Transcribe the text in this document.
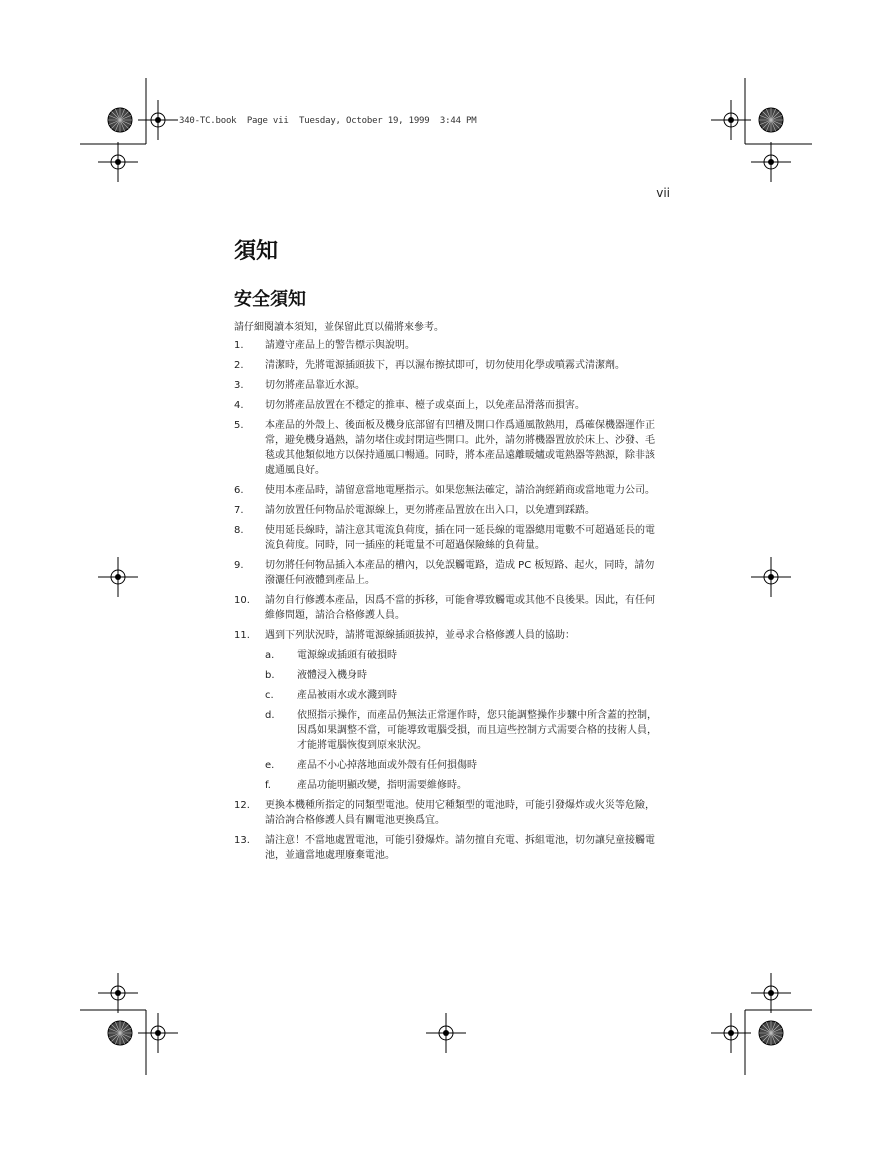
340-TC.book  Page vii  Tuesday, October 19, 1999  3:44 PM
vii
須知
安全須知
請仔細閱讀本須知，並保留此頁以備將來參考。
1.	請遵守產品上的警告標示與說明。
2.	清潔時，先將電源插頭拔下，再以濕布擦拭即可，切勿使用化學或噴霧式清潔劑。
3.	切勿將產品靠近水源。
4.	切勿將產品放置在不穩定的推車、檯子或桌面上，以免產品滑落而損害。
5.	本產品的外殼上、後面板及機身底部留有凹槽及開口作爲通風散熱用，爲確保機器運作正常，避免機身過熱，請勿堵住或封閉這些開口。此外，請勿將機器置放於床上、沙發、毛毯或其他類似地方以保持通風口暢通。同時，將本產品遠離暖爐或電熱器等熱源，除非該處通風良好。
6.	使用本產品時，請留意當地電壓指示。如果您無法確定，請洽詢經銷商或當地電力公司。
7.	請勿放置任何物品於電源線上，更勿將產品置放在出入口，以免遭到踩踏。
8.	使用延長線時，請注意其電流負荷度，插在同一延長線的電器總用電數不可超過延長的電流負荷度。同時，同一插座的耗電量不可超過保險絲的負荷量。
9.	切勿將任何物品插入本產品的槽內，以免誤觸電路，造成 PC 板短路、起火，同時，請勿潑灑任何液體到產品上。
10.	請勿自行修護本產品，因爲不當的拆移，可能會導致觸電或其他不良後果。因此，有任何維修問題，請洽合格修護人員。
11.	遇到下列狀況時，請將電源線插頭拔掉，並尋求合格修護人員的協助：
a.	電源線或插頭有破損時
b.	液體浸入機身時
c.	產品被雨水或水濺到時
d.	依照指示操作，而產品仍無法正常運作時，您只能調整操作步驟中所含蓋的控制，因爲如果調整不當，可能導致電腦受損，而且這些控制方式需要合格的技術人員，才能將電腦恢復到原來狀況。
e.	產品不小心掉落地面或外殼有任何損傷時
f.	產品功能明顯改變，指明需要維修時。
12.	更換本機種所指定的同類型電池。使用它種類型的電池時，可能引發爆炸或火災等危險，請洽詢合格修護人員有關電池更換爲宜。
13.	請注意！不當地處置電池，可能引發爆炸。請勿擅自充電、拆組電池，切勿讓兒童接觸電池，並適當地處理廢棄電池。
